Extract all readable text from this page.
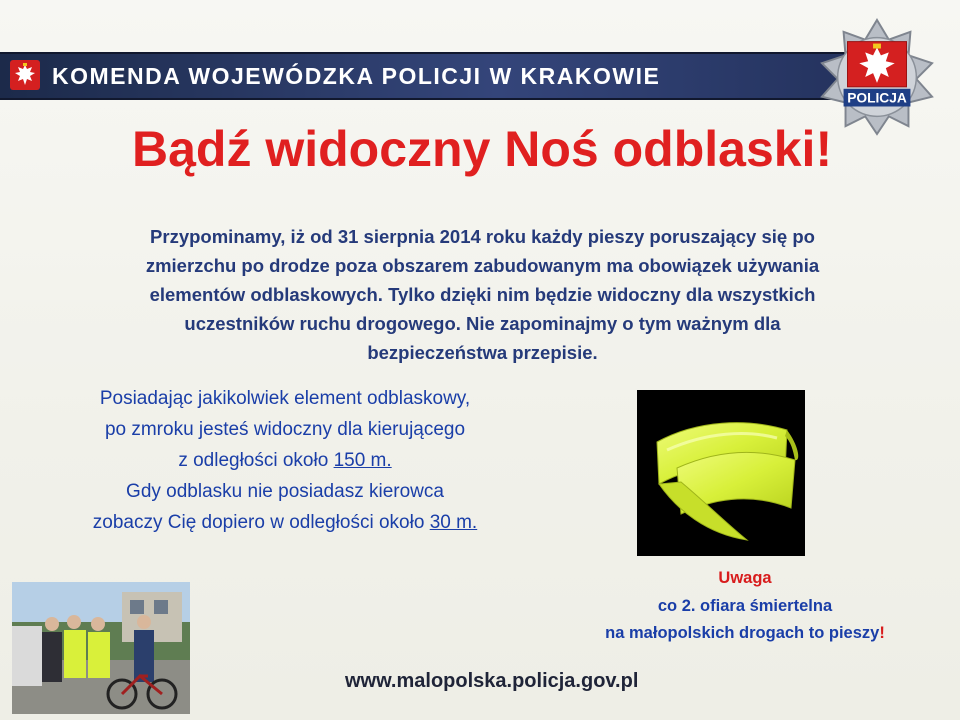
KOMENDA WOJEWÓDZKA POLICJI W KRAKOWIE
POLICJA
Bądź widoczny Noś odblaski!

Przypominamy, iż od 31 sierpnia 2014 roku każdy pieszy poruszający się po
zmierzchu po drodze poza obszarem zabudowanym ma obowiązek używania
elementów odblaskowych. Tylko dzięki nim będzie widoczny dla wszystkich
uczestników ruchu drogowego. Nie zapominajmy o tym ważnym dla
bezpieczeństwa przepisie.

Posiadając jakikolwiek element odblaskowy,
po zmroku jesteś widoczny dla kierującego
z odległości około 150 m.
Gdy odblasku nie posiadasz kierowca
zobaczy Cię dopiero w odległości około 30 m.

Uwaga
co 2. ofiara śmiertelna
na małopolskich drogach to pieszy!

www.malopolska.policja.gov.pl
